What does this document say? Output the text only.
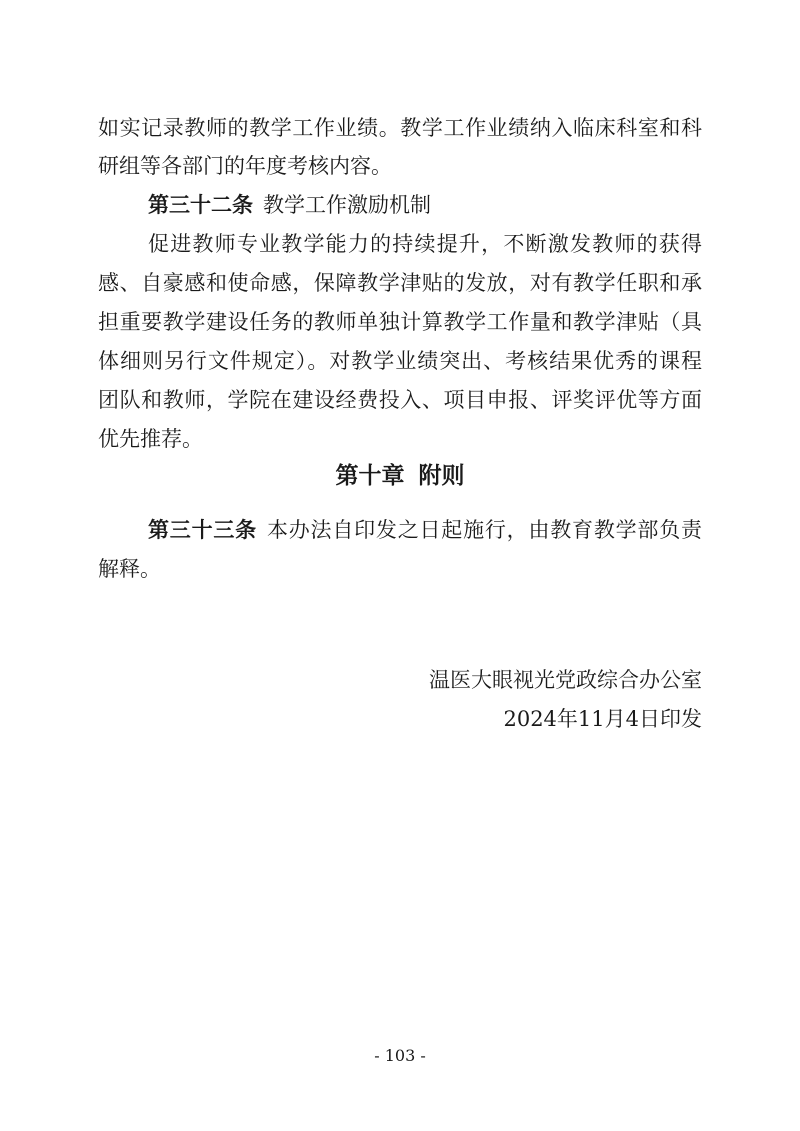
如实记录教师的教学工作业绩。教学工作业绩纳入临床科室和科
研组等各部门的年度考核内容。
第三十二条 教学工作激励机制
促进教师专业教学能力的持续提升，不断激发教师的获得
感、自豪感和使命感，保障教学津贴的发放，对有教学任职和承
担重要教学建设任务的教师单独计算教学工作量和教学津贴（具
体细则另行文件规定）。对教学业绩突出、考核结果优秀的课程
团队和教师，学院在建设经费投入、项目申报、评奖评优等方面
优先推荐。
第十章 附则
第三十三条 本办法自印发之日起施行，由教育教学部负责
解释。
温医大眼视光党政综合办公室
2024年11月4日印发
- 103 -
